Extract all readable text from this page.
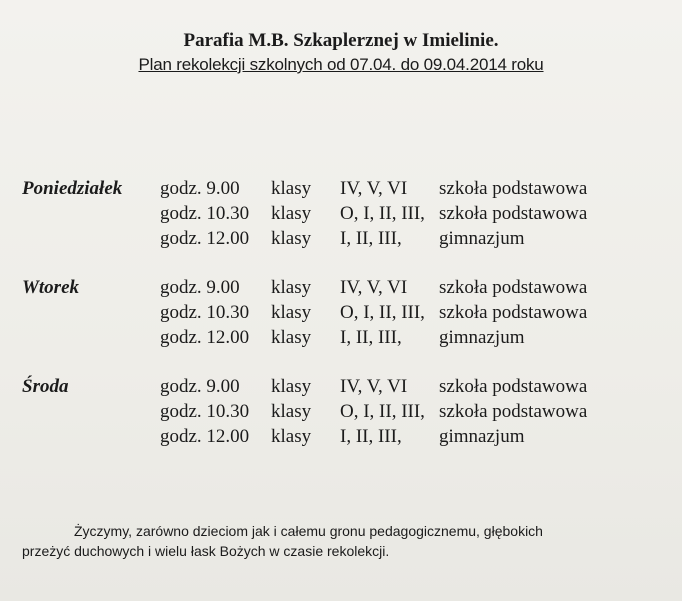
Parafia M.B. Szkaplerznej w Imielinie.
Plan rekolekcji szkolnych od 07.04. do 09.04.2014 roku
Poniedziałek godz. 9.00 klasy IV, V, VI szkoła podstawowa
godz. 10.30 klasy O, I, II, III, szkoła podstawowa
godz. 12.00 klasy I, II, III, gimnazjum
Wtorek	godz. 9.00 klasy IV, V, VI szkoła podstawowa
godz. 10.30 klasy O, I, II, III, szkoła podstawowa
godz. 12.00 klasy I, II, III, gimnazjum
Środa	godz. 9.00 klasy IV, V, VI szkoła podstawowa
godz. 10.30 klasy O, I, II, III, szkoła podstawowa
godz. 12.00 klasy I, II, III, gimnazjum
Życzymy, zarówno dzieciom jak i całemu gronu pedagogicznemu, głębokich
przeżyć duchowych i wielu łask Bożych w czasie rekolekcji.
